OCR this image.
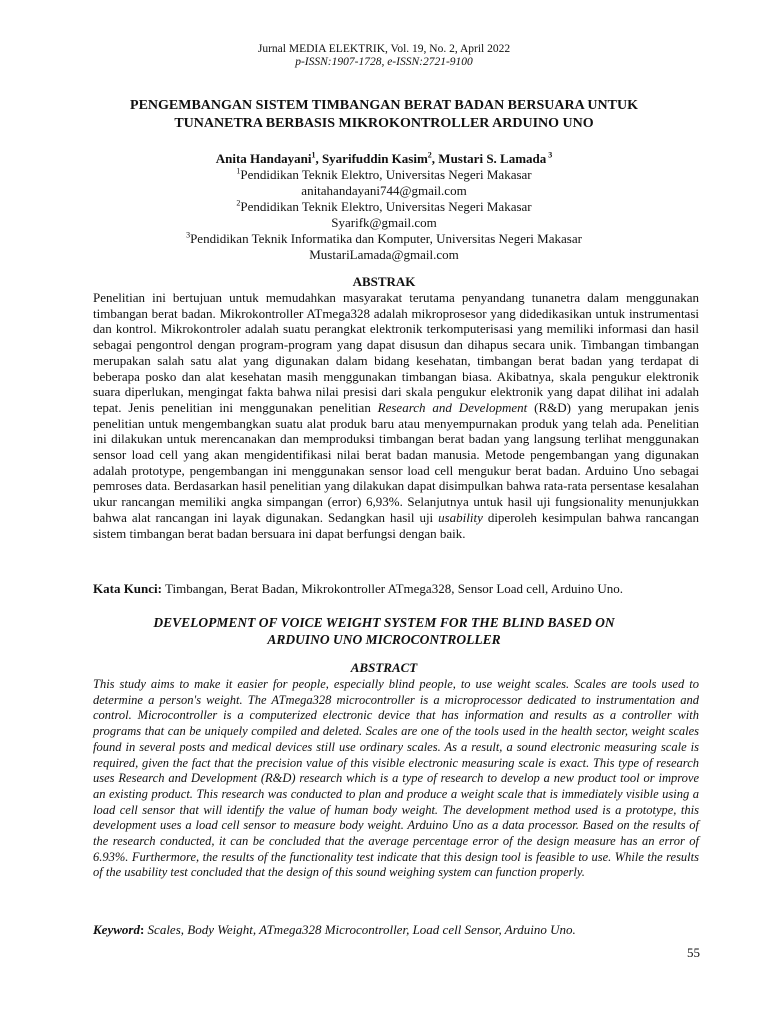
Jurnal MEDIA ELEKTRIK, Vol. 19, No. 2, April 2022
p-ISSN:1907-1728, e-ISSN:2721-9100
PENGEMBANGAN SISTEM TIMBANGAN BERAT BADAN BERSUARA UNTUK
TUNANETRA BERBASIS MIKROKONTROLLER ARDUINO UNO
Anita Handayani$^1$, Syarifuddin Kasim$^2$, Mustari S. Lamada $^3$
$^1$Pendidikan Teknik Elektro, Universitas Negeri Makasar
anitahandayani744@gmail.com
$^2$Pendidikan Teknik Elektro, Universitas Negeri Makasar
Syarifk@gmail.com
$^3$Pendidikan Teknik Informatika dan Komputer, Universitas Negeri Makasar
MustariLamada@gmail.com
ABSTRAK
Penelitian ini bertujuan untuk memudahkan masyarakat terutama penyandang tunanetra dalam menggunakan timbangan berat badan. Mikrokontroller ATmega328 adalah mikroprosesor yang didedikasikan untuk instrumentasi dan kontrol. Mikrokontroler adalah suatu perangkat elektronik terkomputerisasi yang memiliki informasi dan hasil sebagai pengontrol dengan program-program yang dapat disusun dan dihapus secara unik. Timbangan timbangan merupakan salah satu alat yang digunakan dalam bidang kesehatan, timbangan berat badan yang terdapat di beberapa posko dan alat kesehatan masih menggunakan timbangan biasa. Akibatnya, skala pengukur elektronik suara diperlukan, mengingat fakta bahwa nilai presisi dari skala pengukur elektronik yang dapat dilihat ini adalah tepat. Jenis penelitian ini menggunakan penelitian Research and Development (R&D) yang merupakan jenis penelitian untuk mengembangkan suatu alat produk baru atau menyempurnakan produk yang telah ada. Penelitian ini dilakukan untuk merencanakan dan memproduksi timbangan berat badan yang langsung terlihat menggunakan sensor load cell yang akan mengidentifikasi nilai berat badan manusia. Metode pengembangan yang digunakan adalah prototype, pengembangan ini menggunakan sensor load cell mengukur berat badan. Arduino Uno sebagai pemroses data. Berdasarkan hasil penelitian yang dilakukan dapat disimpulkan bahwa rata-rata persentase kesalahan ukur rancangan memiliki angka simpangan (error) 6,93%. Selanjutnya untuk hasil uji fungsionality menunjukkan bahwa alat rancangan ini layak digunakan. Sedangkan hasil uji usability diperoleh kesimpulan bahwa rancangan sistem timbangan berat badan bersuara ini dapat berfungsi dengan baik.
Kata Kunci: Timbangan, Berat Badan, Mikrokontroller ATmega328, Sensor Load cell, Arduino Uno.
DEVELOPMENT OF VOICE WEIGHT SYSTEM FOR THE BLIND BASED ON
ARDUINO UNO MICROCONTROLLER
ABSTRACT
This study aims to make it easier for people, especially blind people, to use weight scales. Scales are tools used to determine a person's weight. The ATmega328 microcontroller is a microprocessor dedicated to instrumentation and control. Microcontroller is a computerized electronic device that has information and results as a controller with programs that can be uniquely compiled and deleted. Scales are one of the tools used in the health sector, weight scales found in several posts and medical devices still use ordinary scales. As a result, a sound electronic measuring scale is required, given the fact that the precision value of this visible electronic measuring scale is exact. This type of research uses Research and Development (R&D) research which is a type of research to develop a new product tool or improve an existing product. This research was conducted to plan and produce a weight scale that is immediately visible using a load cell sensor that will identify the value of human body weight. The development method used is a prototype, this development uses a load cell sensor to measure body weight. Arduino Uno as a data processor. Based on the results of the research conducted, it can be concluded that the average percentage error of the design measure has an error of 6.93%. Furthermore, the results of the functionality test indicate that this design tool is feasible to use. While the results of the usability test concluded that the design of this sound weighing system can function properly.
Keyword: Scales, Body Weight, ATmega328 Microcontroller, Load cell Sensor, Arduino Uno.
55
